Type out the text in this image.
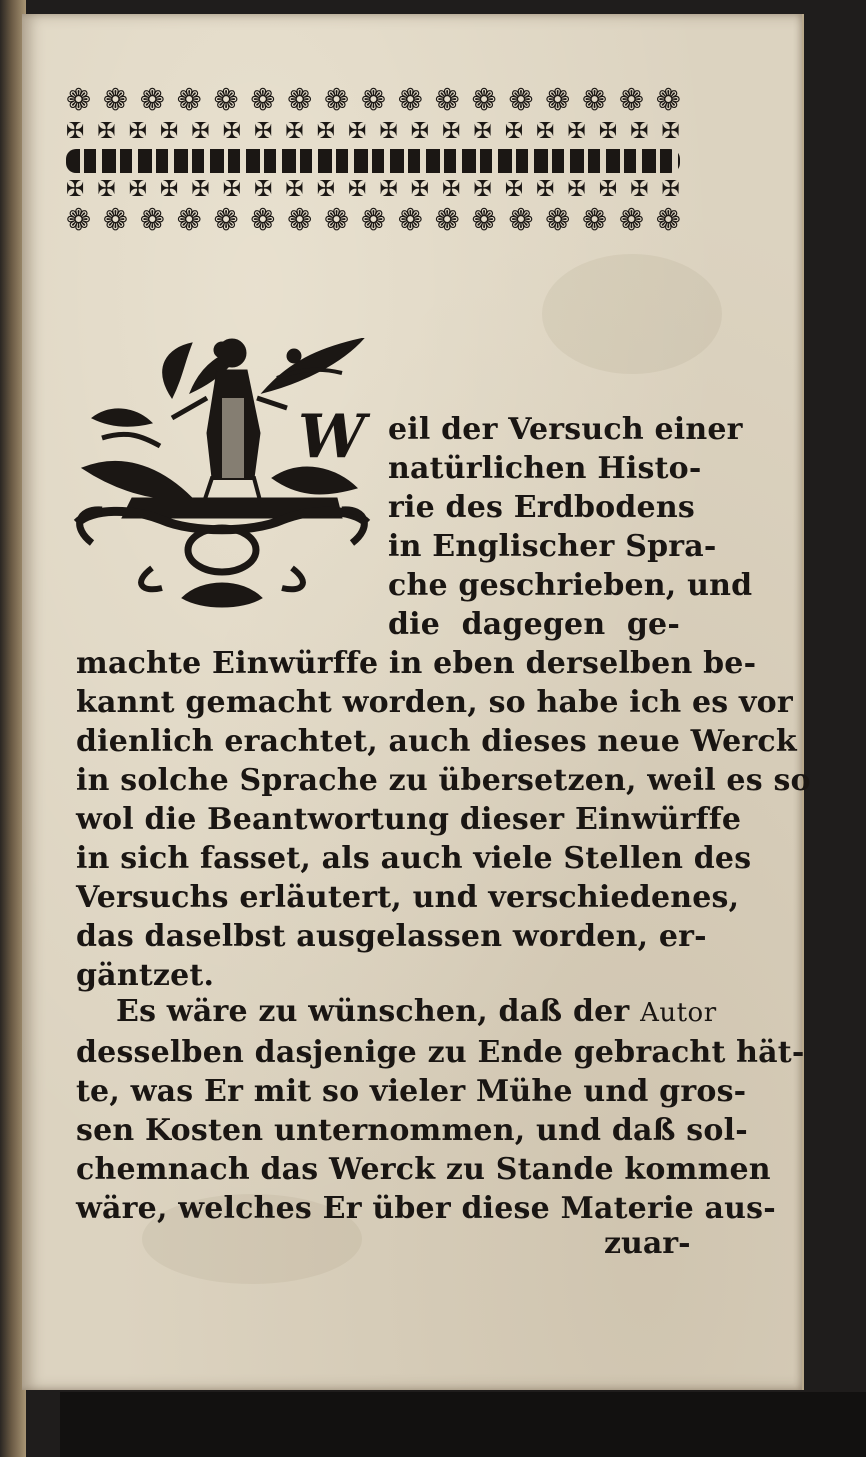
❁ ❁ ❁ ❁ ❁ ❁ ❁ ❁ ❁ ❁ ❁ ❁ ❁ ❁ ❁ ❁ ❁
✠ ✠ ✠ ✠ ✠ ✠ ✠ ✠ ✠ ✠ ✠ ✠ ✠ ✠ ✠ ✠ ✠ ✠ ✠ ✠
✠ ✠ ✠ ✠ ✠ ✠ ✠ ✠ ✠ ✠ ✠ ✠ ✠ ✠ ✠ ✠ ✠ ✠ ✠ ✠
❁ ❁ ❁ ❁ ❁ ❁ ❁ ❁ ❁ ❁ ❁ ❁ ❁ ❁ ❁ ❁ ❁
W eil der Versuch einer
natürlichen Histo-
rie des Erdbodens
in Englischer Spra-
che geschrieben, und
die dagegen ge-
machte Einwürffe in eben derselben be-
kannt gemacht worden, so habe ich es vor
dienlich erachtet, auch dieses neue Werck
in solche Sprache zu übersetzen, weil es so
wol die Beantwortung dieser Einwürffe
in sich fasset, als auch viele Stellen des
Versuchs erläutert, und verschiedenes,
das daselbst ausgelassen worden, er-
gäntzet.
Es wäre zu wünschen, daß der Autor
desselben dasjenige zu Ende gebracht hät-
te, was Er mit so vieler Mühe und gros-
sen Kosten unternommen, und daß sol-
chemnach das Werck zu Stande kommen
wäre, welches Er über diese Materie aus-
zuar-
